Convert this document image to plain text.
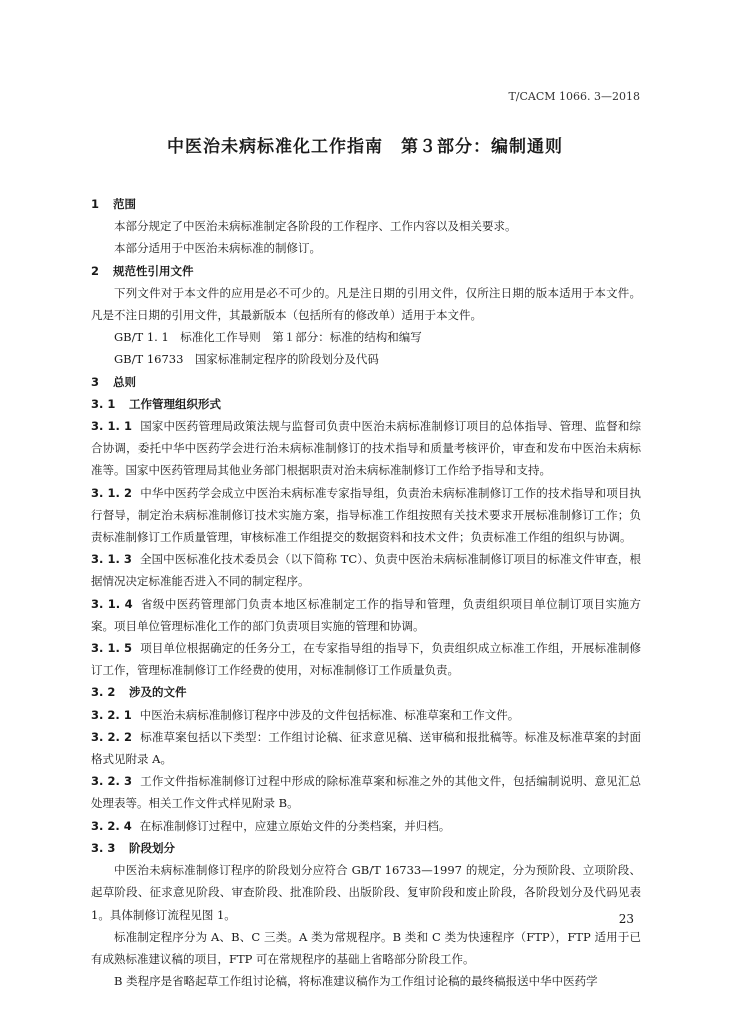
T/CACM 1066. 3—2018
中医治未病标准化工作指南　第３部分：编制通则
1 范围
本部分规定了中医治未病标准制定各阶段的工作程序、工作内容以及相关要求。
本部分适用于中医治未病标准的制修订。
2 规范性引用文件
下列文件对于本文件的应用是必不可少的。凡是注日期的引用文件，仅所注日期的版本适用于本文件。凡是不注日期的引用文件，其最新版本（包括所有的修改单）适用于本文件。
GB/T 1. 1　标准化工作导则　第１部分：标准的结构和编写
GB/T 16733　国家标准制定程序的阶段划分及代码
3 总则
3. 1 工作管理组织形式
3. 1. 1 国家中医药管理局政策法规与监督司负责中医治未病标准制修订项目的总体指导、管理、监督和综合协调，委托中华中医药学会进行治未病标准制修订的技术指导和质量考核评价，审查和发布中医治未病标准等。国家中医药管理局其他业务部门根据职责对治未病标准制修订工作给予指导和支持。
3. 1. 2 中华中医药学会成立中医治未病标准专家指导组，负责治未病标准制修订工作的技术指导和项目执行督导，制定治未病标准制修订技术实施方案，指导标准工作组按照有关技术要求开展标准制修订工作；负责标准制修订工作质量管理，审核标准工作组提交的数据资料和技术文件；负责标准工作组的组织与协调。
3. 1. 3 全国中医标准化技术委员会（以下简称 TC）、负责中医治未病标准制修订项目的标准文件审查，根据情况决定标准能否进入不同的制定程序。
3. 1. 4 省级中医药管理部门负责本地区标准制定工作的指导和管理，负责组织项目单位制订项目实施方案。项目单位管理标准化工作的部门负责项目实施的管理和协调。
3. 1. 5 项目单位根据确定的任务分工，在专家指导组的指导下，负责组织成立标准工作组，开展标准制修订工作，管理标准制修订工作经费的使用，对标准制修订工作质量负责。
3. 2 涉及的文件
3. 2. 1 中医治未病标准制修订程序中涉及的文件包括标准、标准草案和工作文件。
3. 2. 2 标准草案包括以下类型：工作组讨论稿、征求意见稿、送审稿和报批稿等。标准及标准草案的封面格式见附录 A。
3. 2. 3 工作文件指标准制修订过程中形成的除标准草案和标准之外的其他文件，包括编制说明、意见汇总处理表等。相关工作文件式样见附录 B。
3. 2. 4 在标准制修订过程中，应建立原始文件的分类档案，并归档。
3. 3 阶段划分
中医治未病标准制修订程序的阶段划分应符合 GB/T 16733—1997 的规定，分为预阶段、立项阶段、起草阶段、征求意见阶段、审查阶段、批准阶段、出版阶段、复审阶段和废止阶段，各阶段划分及代码见表 1。具体制修订流程见图 1。
标准制定程序分为 A、B、C 三类。A 类为常规程序。B 类和 C 类为快速程序（FTP），FTP 适用于已有成熟标准建议稿的项目，FTP 可在常规程序的基础上省略部分阶段工作。
B 类程序是省略起草工作组讨论稿，将标准建议稿作为工作组讨论稿的最终稿报送中华中医药学
23
